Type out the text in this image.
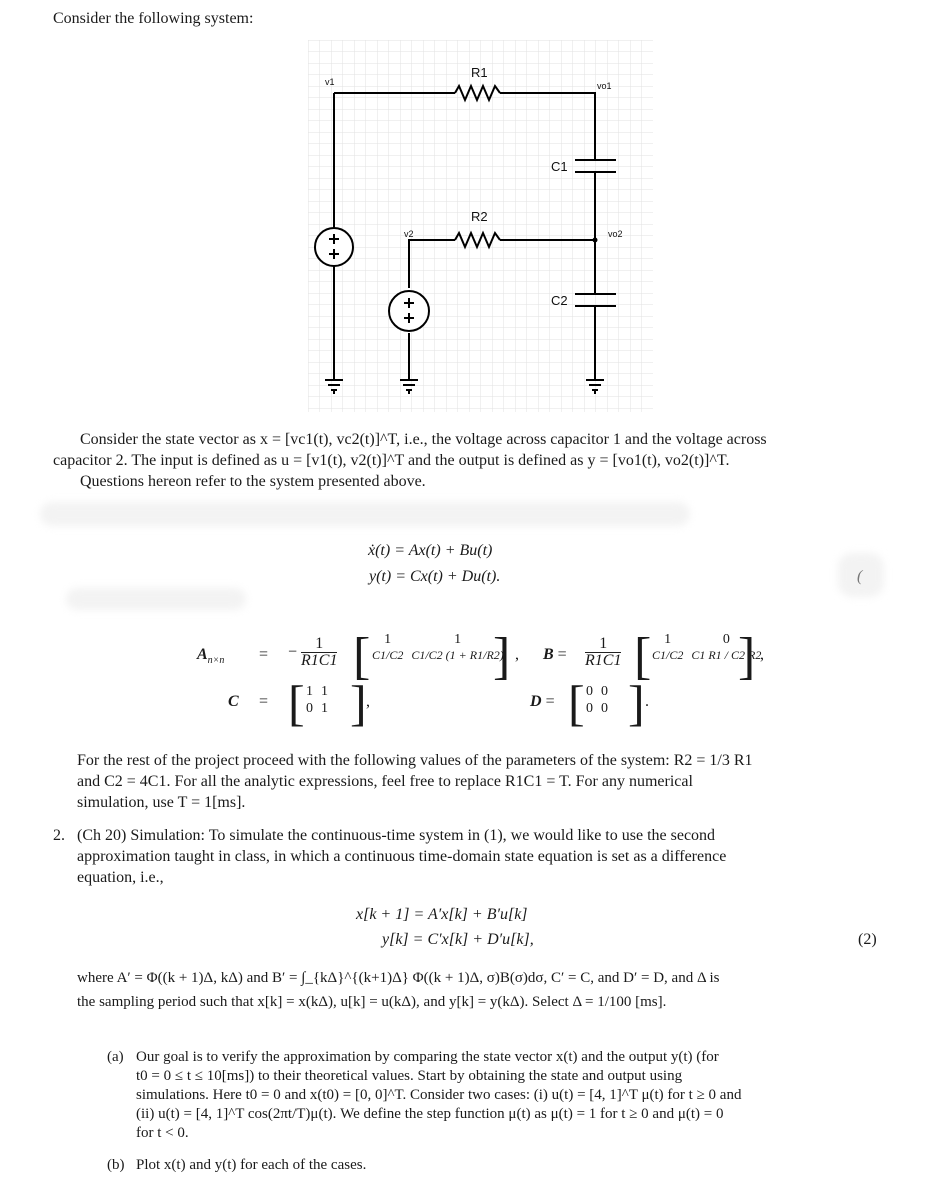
Consider the following system:
v1
R1
vo1
C1
R2
v2	vo2
C2
Consider the state vector as x = [vc1(t), vc2(t)]^T, i.e., the voltage across capacitor 1 and the voltage across
capacitor 2. The input is defined as u = [v1(t), v2(t)]^T and the output is defined as y = [vo1(t), vo2(t)]^T.
Questions hereon refer to the system presented above.
(
ẋ(t) = Ax(t) + Bu(t)
y(t) = Cx(t) + Du(t).
$A_{n\times n}$ = − $\frac{1}{R1C1}$ [ 1	1
C1/C2	C1/C2 (1 + R1/R2)
] , $B = \frac{1}{R1C1}$ [ 1	0
C1/C2	C1 R1 / C2 R2
] ,
C = [ 1	1
0	1 ] ,	D = [ 0	0
0	0 ] .
For the rest of the project proceed with the following values of the parameters of the system: R2 = 1/3 R1
and C2 = 4C1. For all the analytic expressions, feel free to replace R1C1 = T. For any numerical
simulation, use T = 1[ms].
2. (Ch 20) Simulation: To simulate the continuous-time system in (1), we would like to use the second
approximation taught in class, in which a continuous time-domain state equation is set as a difference
equation, i.e.,
x[k + 1] = A′x[k] + B′u[k]
y[k] = C′x[k] + D′u[k],	(2)
where A′ = Φ((k + 1)Δ, kΔ) and B′ = ∫_{kΔ}^{(k+1)Δ} Φ((k + 1)Δ, σ)B(σ)dσ, C′ = C, and D′ = D, and Δ is
the sampling period such that x[k] = x(kΔ), u[k] = u(kΔ), and y[k] = y(kΔ). Select Δ = 1/100 [ms].
(a) Our goal is to verify the approximation by comparing the state vector x(t) and the output y(t) (for
t0 = 0 ≤ t ≤ 10[ms]) to their theoretical values. Start by obtaining the state and output using
simulations. Here t0 = 0 and x(t0) = [0, 0]^T. Consider two cases: (i) u(t) = [4, 1]^T μ(t) for t ≥ 0 and
(ii) u(t) = [4, 1]^T cos(2πt/T)μ(t). We define the step function μ(t) as μ(t) = 1 for t ≥ 0 and μ(t) = 0
for t < 0.
(b) Plot x(t) and y(t) for each of the cases.
